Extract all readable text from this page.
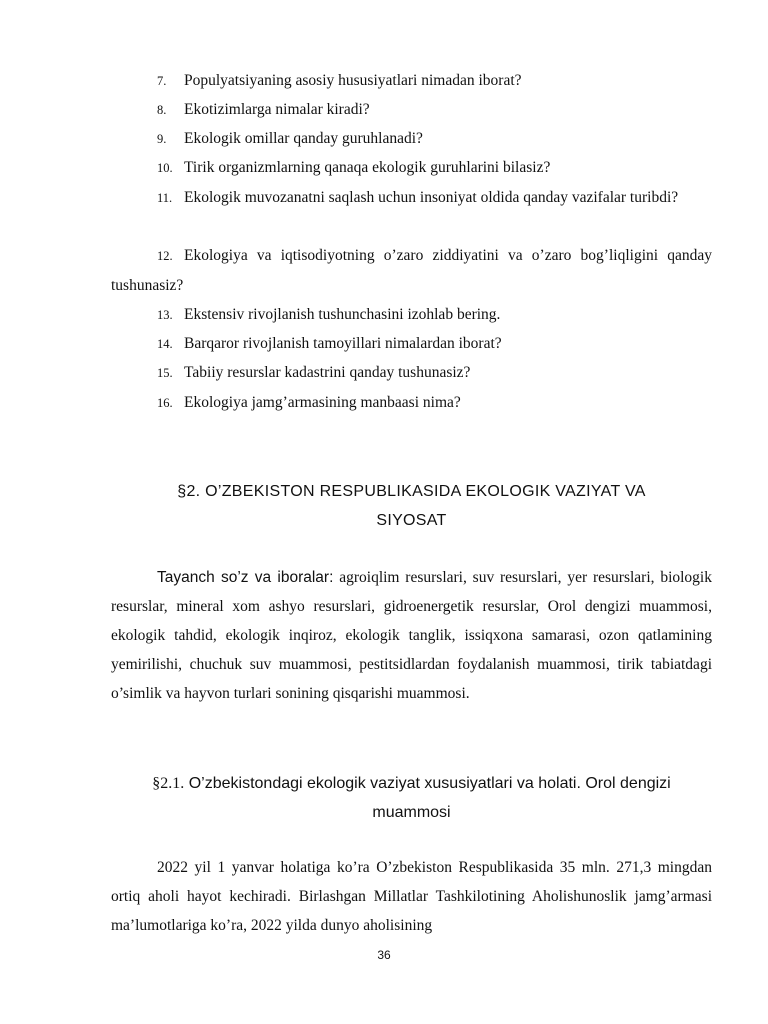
7. Populyatsiyaning asosiy hususiyatlari nimadan iborat?
8. Ekotizimlarga nimalar kiradi?
9. Ekologik omillar qanday guruhlanadi?
10. Tirik organizmlarning qanaqa ekologik guruhlarini bilasiz?
11. Ekologik muvozanatni saqlash uchun insoniyat oldida qanday vazifalar turibdi?
12. Ekologiya va iqtisodiyotning o’zaro ziddiyatini va o’zaro bog’liqligini qanday tushunasiz?
13. Ekstensiv rivojlanish tushunchasini izohlab bering.
14. Barqaror rivojlanish tamoyillari nimalardan iborat?
15. Tabiiy resurslar kadastrini qanday tushunasiz?
16. Ekologiya jamg’armasining manbaasi nima?
§2. O’ZBEKISTON RESPUBLIKASIDA EKOLOGIK VAZIYAT VA
SIYOSAT
Tayanch so’z va iboralar: agroiqlim resurslari, suv resurslari, yer resurslari, biologik resurslar, mineral xom ashyo resurslari, gidroenergetik resurslar, Orol dengizi muammosi, ekologik tahdid, ekologik inqiroz, ekologik tanglik, issiqxona samarasi, ozon qatlamining yemirilishi, chuchuk suv muammosi, pestitsidlardan foydalanish muammosi, tirik tabiatdagi o’simlik va hayvon turlari sonining qisqarishi muammosi.
§2.1. O’zbekistondagi ekologik vaziyat xususiyatlari va holati. Orol dengizi
muammosi
2022 yil 1 yanvar holatiga ko’ra O’zbekiston Respublikasida 35 mln. 271,3 mingdan ortiq aholi hayot kechiradi. Birlashgan Millatlar Tashkilotining Aholishunoslik jamg’armasi ma’lumotlariga ko’ra, 2022 yilda dunyo aholisining
36
